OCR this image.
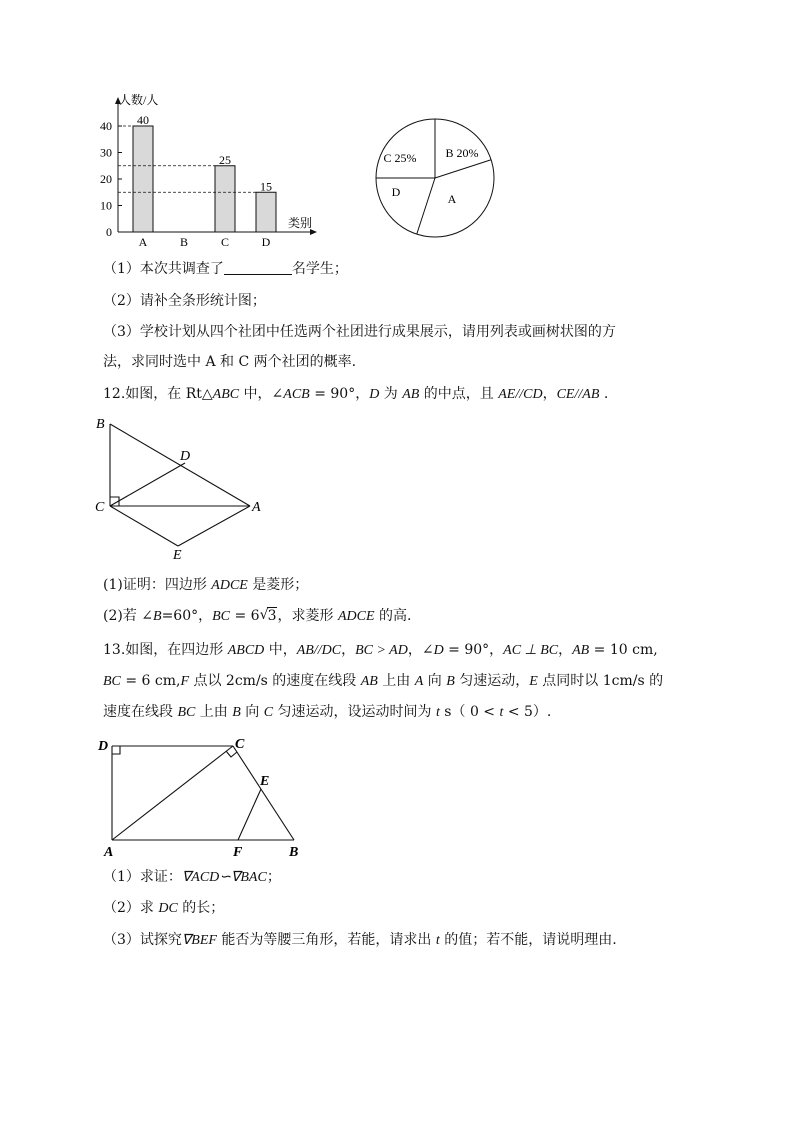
人数/人
类别
0
10
20
30
40
A
40
B	C
25
D
15
A
B 20%
C 25%
D
（1）本次共调查了	名学生；
（2）请补全条形统计图；
（3）学校计划从四个社团中任选两个社团进行成果展示，请用列表或画树状图的方
法，求同时选中 A 和 C 两个社团的概率.
12.如图，在 Rt△ABC 中，∠ACB = 90°，D 为 AB 的中点，且 AE//CD，CE//AB .
B
D
C	A
E
(1)证明：四边形 ADCE 是菱形；
(2)若 ∠B=60°，BC = 6 √ 3，求菱形 ADCE 的高.
13.如图，在四边形 ABCD 中，AB//DC，BC > AD，∠D = 90°，AC ⊥ BC，AB = 10 cm,
BC = 6 cm,F 点以 2cm/s 的速度在线段 AB 上由 A 向 B 匀速运动，E 点同时以 1cm/s 的
速度在线段 BC 上由 B 向 C 匀速运动，设运动时间为 t s（ 0 < t < 5）.
D	C
E
A	F	B
（1）求证：∇ACD∽∇BAC；
（2）求 DC 的长；
（3）试探究∇BEF 能否为等腰三角形，若能，请求出 t 的值；若不能，请说明理由.
